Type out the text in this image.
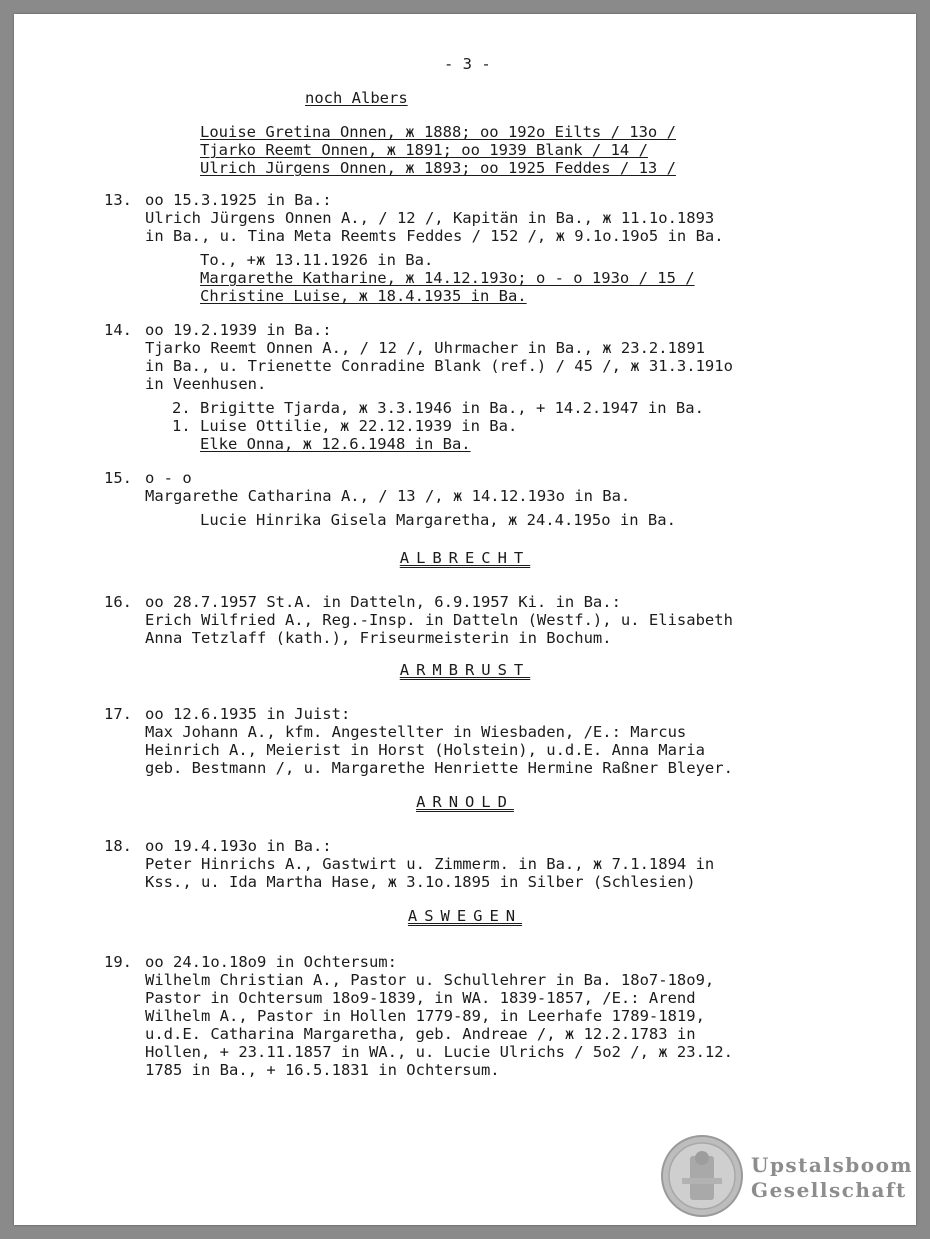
- 3 -

noch Albers

Louise Gretina Onnen, ж 1888; oo 192o Eilts / 13o /

Tjarko Reemt Onnen, ж 1891; oo 1939 Blank / 14 /

Ulrich Jürgens Onnen, ж 1893; oo 1925 Feddes / 13 /

13. oo 15.3.1925 in Ba.:

Ulrich Jürgens Onnen A., / 12 /, Kapitän in Ba., ж 11.1o.1893

in Ba., u. Tina Meta Reemts Feddes / 152 /, ж 9.1o.19o5 in Ba.

To., +ж 13.11.1926 in Ba.

Margarethe Katharine, ж 14.12.193o; o - o 193o / 15 /

Christine Luise, ж 18.4.1935 in Ba.

14. oo 19.2.1939 in Ba.:

Tjarko Reemt Onnen A., / 12 /, Uhrmacher in Ba., ж 23.2.1891

in Ba., u. Trienette Conradine Blank (ref.) / 45 /, ж 31.3.191o

in Veenhusen.

2. Brigitte Tjarda, ж 3.3.1946 in Ba., + 14.2.1947 in Ba.

1. Luise Ottilie, ж 22.12.1939 in Ba.

Elke Onna, ж 12.6.1948 in Ba.

15. o - o

Margarethe Catharina A., / 13 /, ж 14.12.193o in Ba.

Lucie Hinrika Gisela Margaretha, ж 24.4.195o in Ba.

ALBRECHT

16. oo 28.7.1957 St.A. in Datteln, 6.9.1957 Ki. in Ba.:

Erich Wilfried A., Reg.-Insp. in Datteln (Westf.), u. Elisabeth

Anna Tetzlaff (kath.), Friseurmeisterin in Bochum.

ARMBRUST

17. oo 12.6.1935 in Juist:

Max Johann A., kfm. Angestellter in Wiesbaden, /E.: Marcus

Heinrich A., Meierist in Horst (Holstein), u.d.E. Anna Maria

geb. Bestmann /, u. Margarethe Henriette Hermine Raßner Bleyer.

ARNOLD

18. oo 19.4.193o in Ba.:

Peter Hinrichs A., Gastwirt u. Zimmerm. in Ba., ж 7.1.1894 in

Kss., u. Ida Martha Hase, ж 3.1o.1895 in Silber (Schlesien)

ASWEGEN

19. oo 24.1o.18o9 in Ochtersum:

Wilhelm Christian A., Pastor u. Schullehrer in Ba. 18o7-18o9,

Pastor in Ochtersum 18o9-1839, in WA. 1839-1857, /E.: Arend

Wilhelm A., Pastor in Hollen 1779-89, in Leerhafe 1789-1819,

u.d.E. Catharina Margaretha, geb. Andreae /, ж 12.2.1783 in

Hollen, + 23.11.1857 in WA., u. Lucie Ulrichs / 5o2 /, ж 23.12.

1785 in Ba., + 16.5.1831 in Ochtersum.

Upstalsboom

Gesellschaft
